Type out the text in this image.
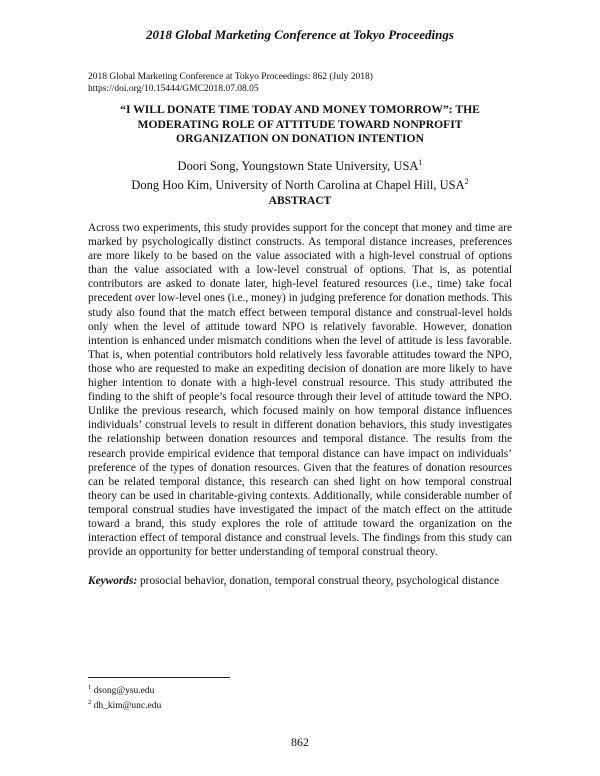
2018 Global Marketing Conference at Tokyo Proceedings
2018 Global Marketing Conference at Tokyo Proceedings: 862 (July 2018)
https://doi.org/10.15444/GMC2018.07.08.05
“I WILL DONATE TIME TODAY AND MONEY TOMORROW”: THE
MODERATING ROLE OF ATTITUDE TOWARD NONPROFIT
ORGANIZATION ON DONATION INTENTION
Doori Song, Youngstown State University, USA$^1$
Dong Hoo Kim, University of North Carolina at Chapel Hill, USA$^2$
ABSTRACT

Across two experiments, this study provides support for the concept that money and time are marked by psychologically distinct constructs. As temporal distance increases, preferences are more likely to be based on the value associated with a high-level construal of options than the value associated with a low-level construal of options. That is, as potential contributors are asked to donate later, high-level featured resources (i.e., time) take focal precedent over low-level ones (i.e., money) in judging preference for donation methods. This study also found that the match effect between temporal distance and construal-level holds only when the level of attitude toward NPO is relatively favorable. However, donation intention is enhanced under mismatch conditions when the level of attitude is less favorable. That is, when potential contributors hold relatively less favorable attitudes toward the NPO, those who are requested to make an expediting decision of donation are more likely to have higher intention to donate with a high-level construal resource. This study attributed the finding to the shift of people’s focal resource through their level of attitude toward the NPO. Unlike the previous research, which focused mainly on how temporal distance influences individuals’ construal levels to result in different donation behaviors, this study investigates the relationship between donation resources and temporal distance. The results from the research provide empirical evidence that temporal distance can have impact on individuals’ preference of the types of donation resources. Given that the features of donation resources can be related temporal distance, this research can shed light on how temporal construal theory can be used in charitable-giving contexts. Additionally, while considerable number of temporal construal studies have investigated the impact of the match effect on the attitude toward a brand, this study explores the role of attitude toward the organization on the interaction effect of temporal distance and construal levels. The findings from this study can provide an opportunity for better understanding of temporal construal theory.

Keywords: prosocial behavior, donation, temporal construal theory, psychological distance

$^1$ dsong@ysu.edu
$^2$ dh_kim@unc.edu
862
